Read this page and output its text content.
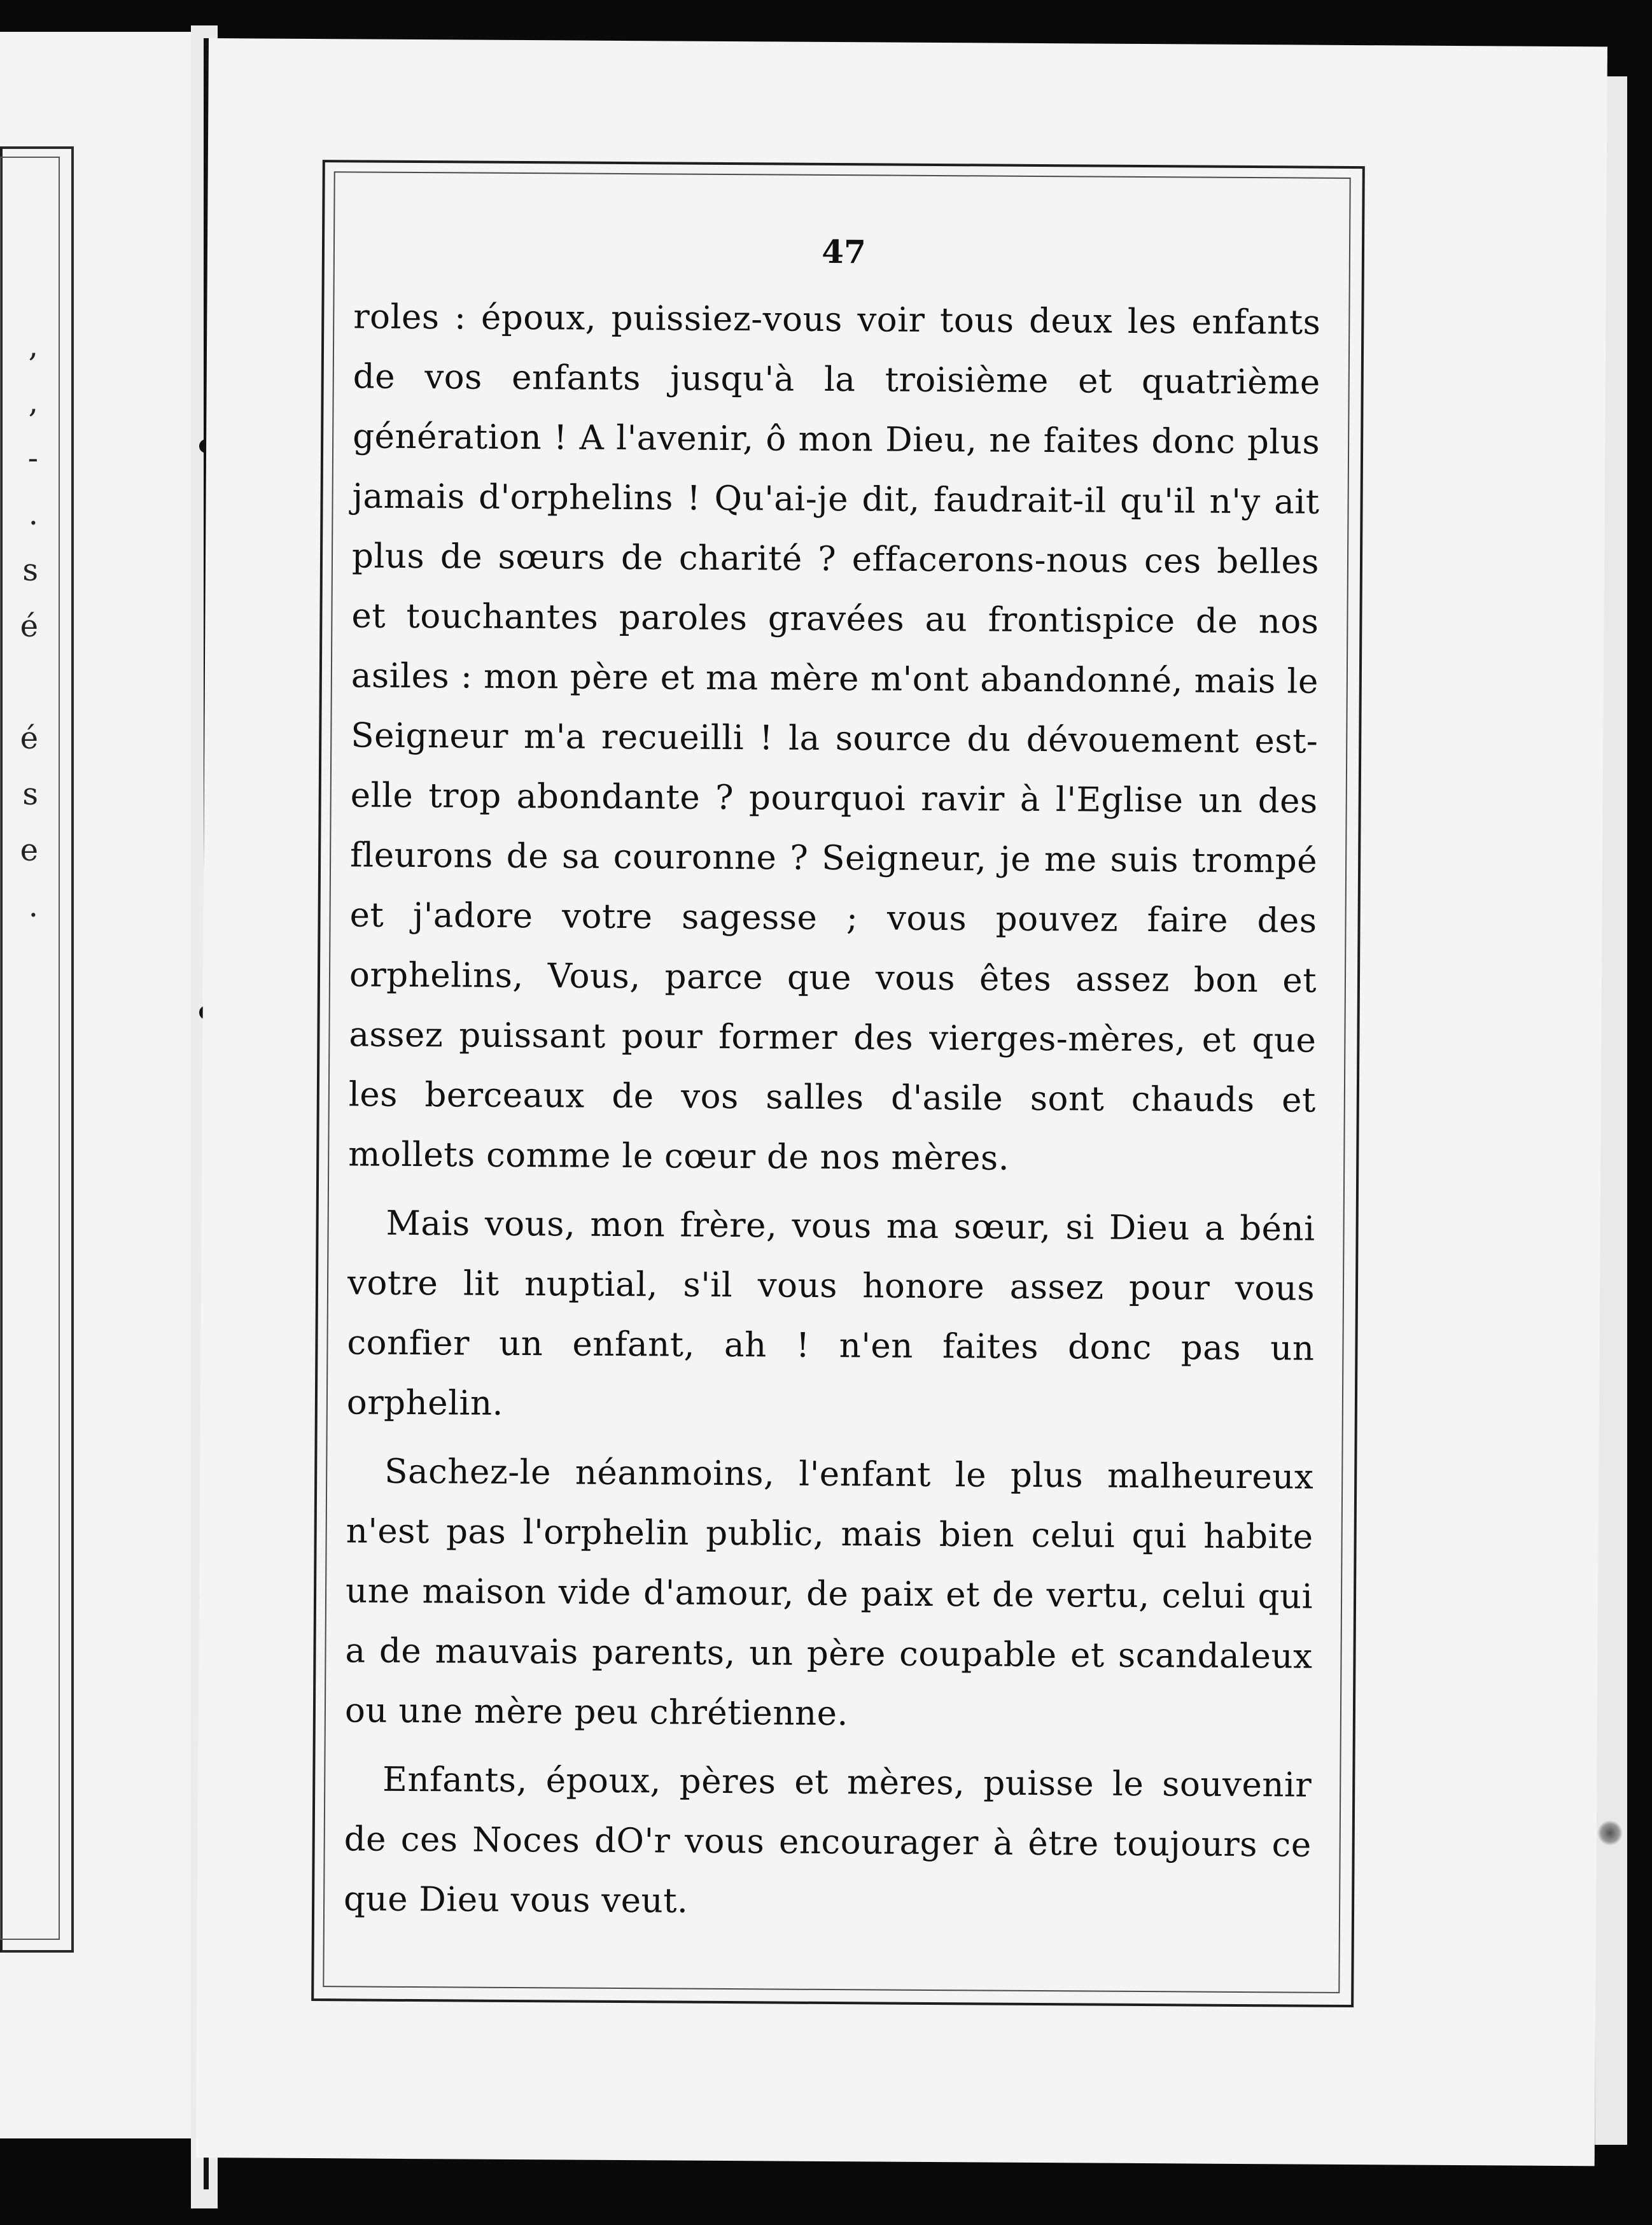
,
,
-
.
s
é

é
s
e
.
47

roles : époux, puissiez-vous voir tous deux les enfants de vos enfants jusqu'à la troisième et quatrième génération ! A l'avenir, ô mon Dieu, ne faites donc plus jamais d'orphelins ! Qu'ai-je dit, faudrait-il qu'il n'y ait plus de sœurs de charité ? effacerons-nous ces belles et touchantes paroles gravées au frontispice de nos asiles : mon père et ma mère m'ont abandonné, mais le Seigneur m'a recueilli ! la source du dévouement est-elle trop abondante ? pourquoi ravir à l'Eglise un des fleurons de sa couronne ? Seigneur, je me suis trompé et j'adore votre sagesse ; vous pouvez faire des orphelins, Vous, parce que vous êtes assez bon et assez puissant pour former des vierges-mères, et que les berceaux de vos salles d'asile sont chauds et mollets comme le cœur de nos mères.

Mais vous, mon frère, vous ma sœur, si Dieu a béni votre lit nuptial, s'il vous honore assez pour vous confier un enfant, ah ! n'en faites donc pas un orphelin.

Sachez-le néanmoins, l'enfant le plus malheureux n'est pas l'orphelin public, mais bien celui qui habite une maison vide d'amour, de paix et de vertu, celui qui a de mauvais parents, un père coupable et scandaleux ou une mère peu chrétienne.

Enfants, époux, pères et mères, puisse le souvenir de ces Noces dO'r vous encourager à être toujours ce que Dieu vous veut.
